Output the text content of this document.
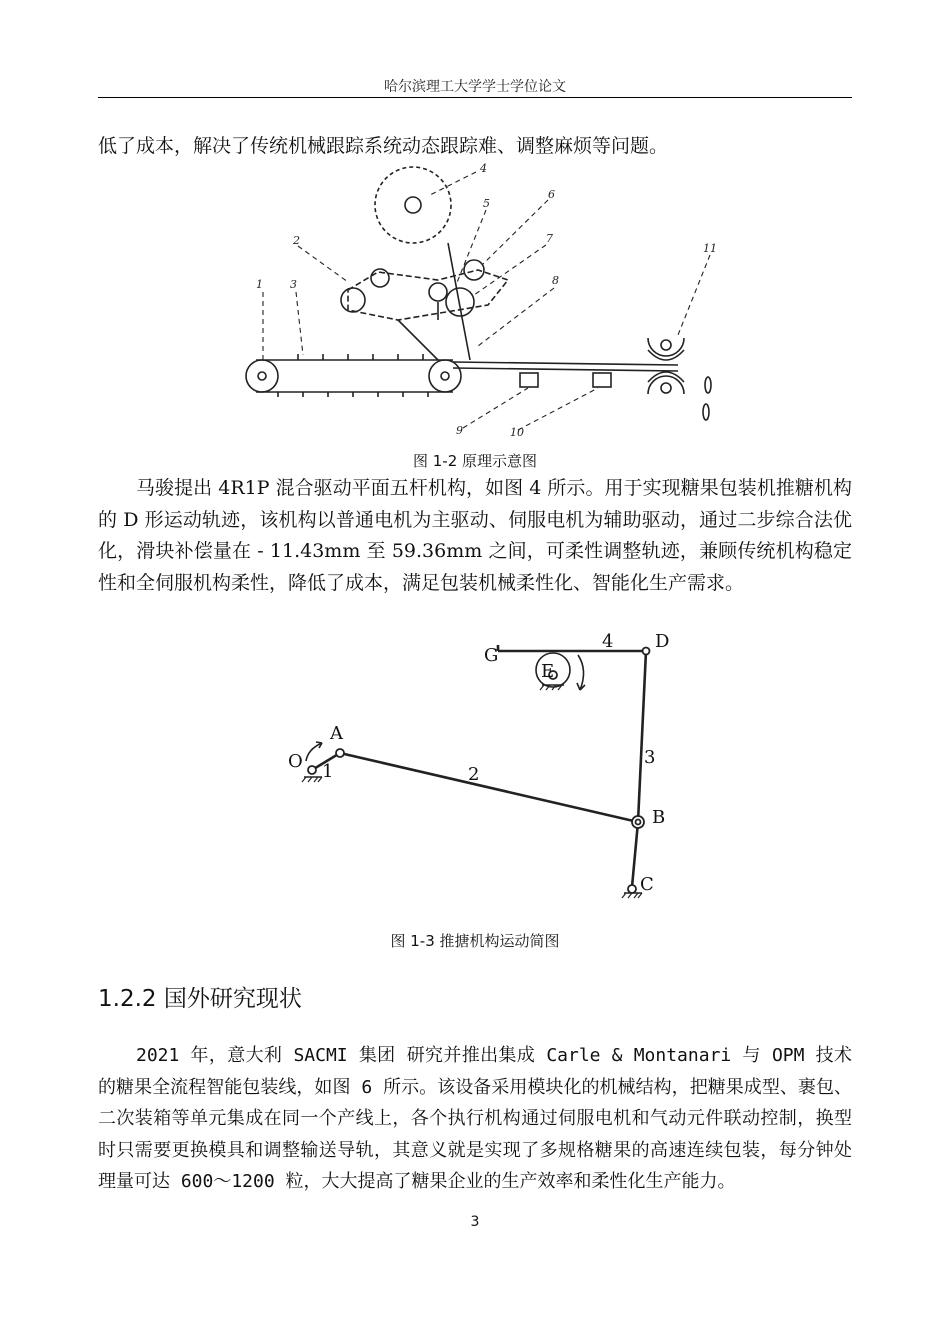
哈尔滨理工大学学士学位论文

低了成本，解决了传统机械跟踪系统动态跟踪难、调整麻烦等问题。

1
2
3
4
5
6
7
8
9	10
11
图 1-2 原理示意图

马骏提出 4R1P 混合驱动平面五杆机构，如图 4 所示。用于实现糖果包装机推糖机构的 D 形运动轨迹，该机构以普通电机为主驱动、伺服电机为辅助驱动，通过二步综合法优化，滑块补偿量在 - 11.43mm 至 59.36mm 之间，可柔性调整轨迹，兼顾传统机构稳定性和全伺服机构柔性，降低了成本，满足包装机械柔性化、智能化生产需求。

O 1
A
2
B
C
3
D
4
G
E
图 1-3 推搪机构运动简图
1.2.2 国外研究现状

2021 年，意大利 SACMI 集团 研究并推出集成 Carle & Montanari 与 OPM 技术的糖果全流程智能包装线，如图 6 所示。该设备采用模块化的机械结构，把糖果成型、裹包、二次装箱等单元集成在同一个产线上，各个执行机构通过伺服电机和气动元件联动控制，换型时只需要更换模具和调整输送导轨，其意义就是实现了多规格糖果的高速连续包装，每分钟处理量可达 600～1200 粒，大大提高了糖果企业的生产效率和柔性化生产能力。

3
